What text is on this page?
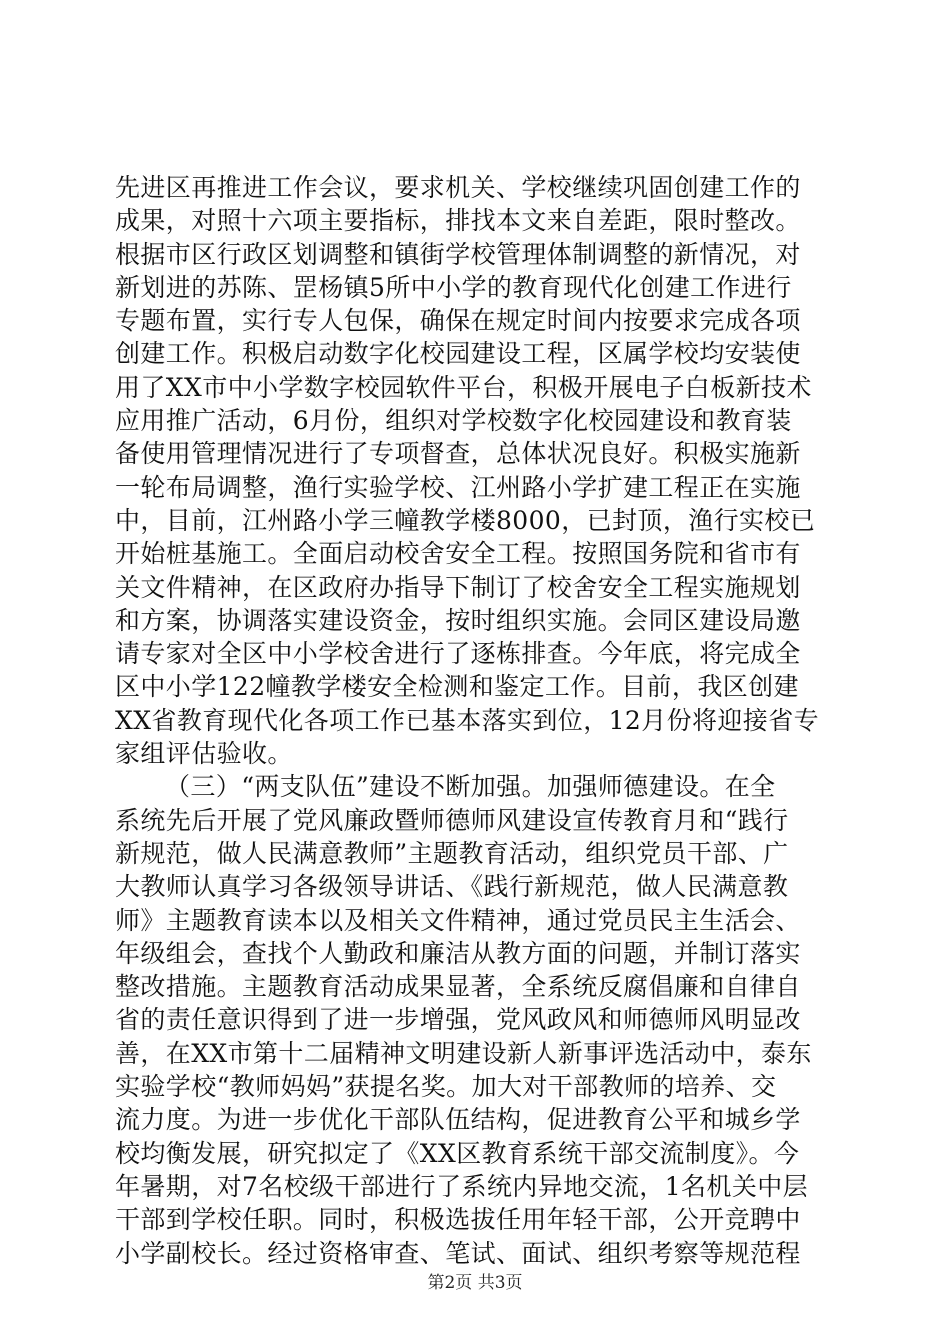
先进区再推进工作会议，要求机关、学校继续巩固创建工作的
成果，对照十六项主要指标，排找本文来自差距，限时整改。
根据市区行政区划调整和镇街学校管理体制调整的新情况，对
新划进的苏陈、罡杨镇5所中小学的教育现代化创建工作进行
专题布置，实行专人包保，确保在规定时间内按要求完成各项
创建工作。积极启动数字化校园建设工程，区属学校均安装使
用了XX市中小学数字校园软件平台，积极开展电子白板新技术
应用推广活动，6月份，组织对学校数字化校园建设和教育装
备使用管理情况进行了专项督查，总体状况良好。积极实施新
一轮布局调整，渔行实验学校、江州路小学扩建工程正在实施
中，目前，江州路小学三幢教学楼8000，已封顶，渔行实校已
开始桩基施工。全面启动校舍安全工程。按照国务院和省市有
关文件精神，在区政府办指导下制订了校舍安全工程实施规划
和方案，协调落实建设资金，按时组织实施。会同区建设局邀
请专家对全区中小学校舍进行了逐栋排查。今年底，将完成全
区中小学122幢教学楼安全检测和鉴定工作。目前，我区创建
XX省教育现代化各项工作已基本落实到位，12月份将迎接省专
家组评估验收。
（三）“两支队伍”建设不断加强。加强师德建设。在全
系统先后开展了党风廉政暨师德师风建设宣传教育月和“践行
新规范，做人民满意教师”主题教育活动，组织党员干部、广
大教师认真学习各级领导讲话、《践行新规范，做人民满意教
师》主题教育读本以及相关文件精神，通过党员民主生活会、
年级组会，查找个人勤政和廉洁从教方面的问题，并制订落实
整改措施。主题教育活动成果显著，全系统反腐倡廉和自律自
省的责任意识得到了进一步增强，党风政风和师德师风明显改
善，在XX市第十二届精神文明建设新人新事评选活动中，泰东
实验学校“教师妈妈”获提名奖。加大对干部教师的培养、交
流力度。为进一步优化干部队伍结构，促进教育公平和城乡学
校均衡发展，研究拟定了《XX区教育系统干部交流制度》。今
年暑期，对7名校级干部进行了系统内异地交流，1名机关中层
干部到学校任职。同时，积极选拔任用年轻干部，公开竞聘中
小学副校长。经过资格审查、笔试、面试、组织考察等规范程
第2页 共3页
